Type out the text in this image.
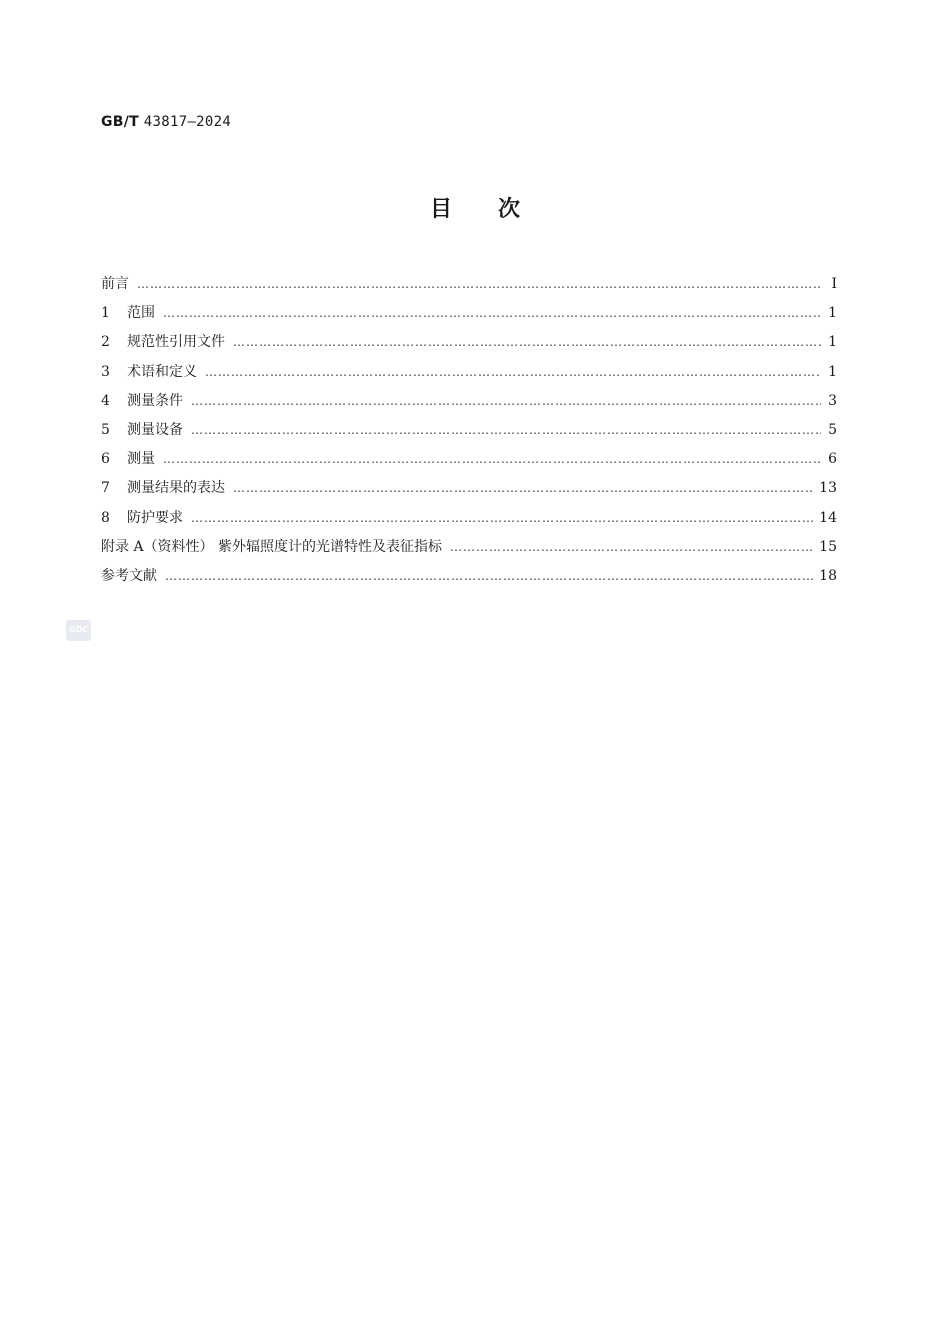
GB/T 43817—2024
目 次
前言 …………………………………………………………………………………………………………………………………………………………………………………………	Ⅰ
1	范围 …………………………………………………………………………………………………………………………………………………………………………………………	1
2	规范性引用文件 …………………………………………………………………………………………………………………………………………………………………………………………	1
3	术语和定义 …………………………………………………………………………………………………………………………………………………………………………………………	1
4	测量条件 …………………………………………………………………………………………………………………………………………………………………………………………	3
5	测量设备 …………………………………………………………………………………………………………………………………………………………………………………………	5
6	测量 …………………………………………………………………………………………………………………………………………………………………………………………	6
7	测量结果的表达 …………………………………………………………………………………………………………………………………………………………………………………………	13
8	防护要求 …………………………………………………………………………………………………………………………………………………………………………………………	14
附录 A（资料性） 紫外辐照度计的光谱特性及表征指标 …………………………………………………………………………………………………………………………………………………………………………………………	15
参考文献 …………………………………………………………………………………………………………………………………………………………………………………………	18
GDC
